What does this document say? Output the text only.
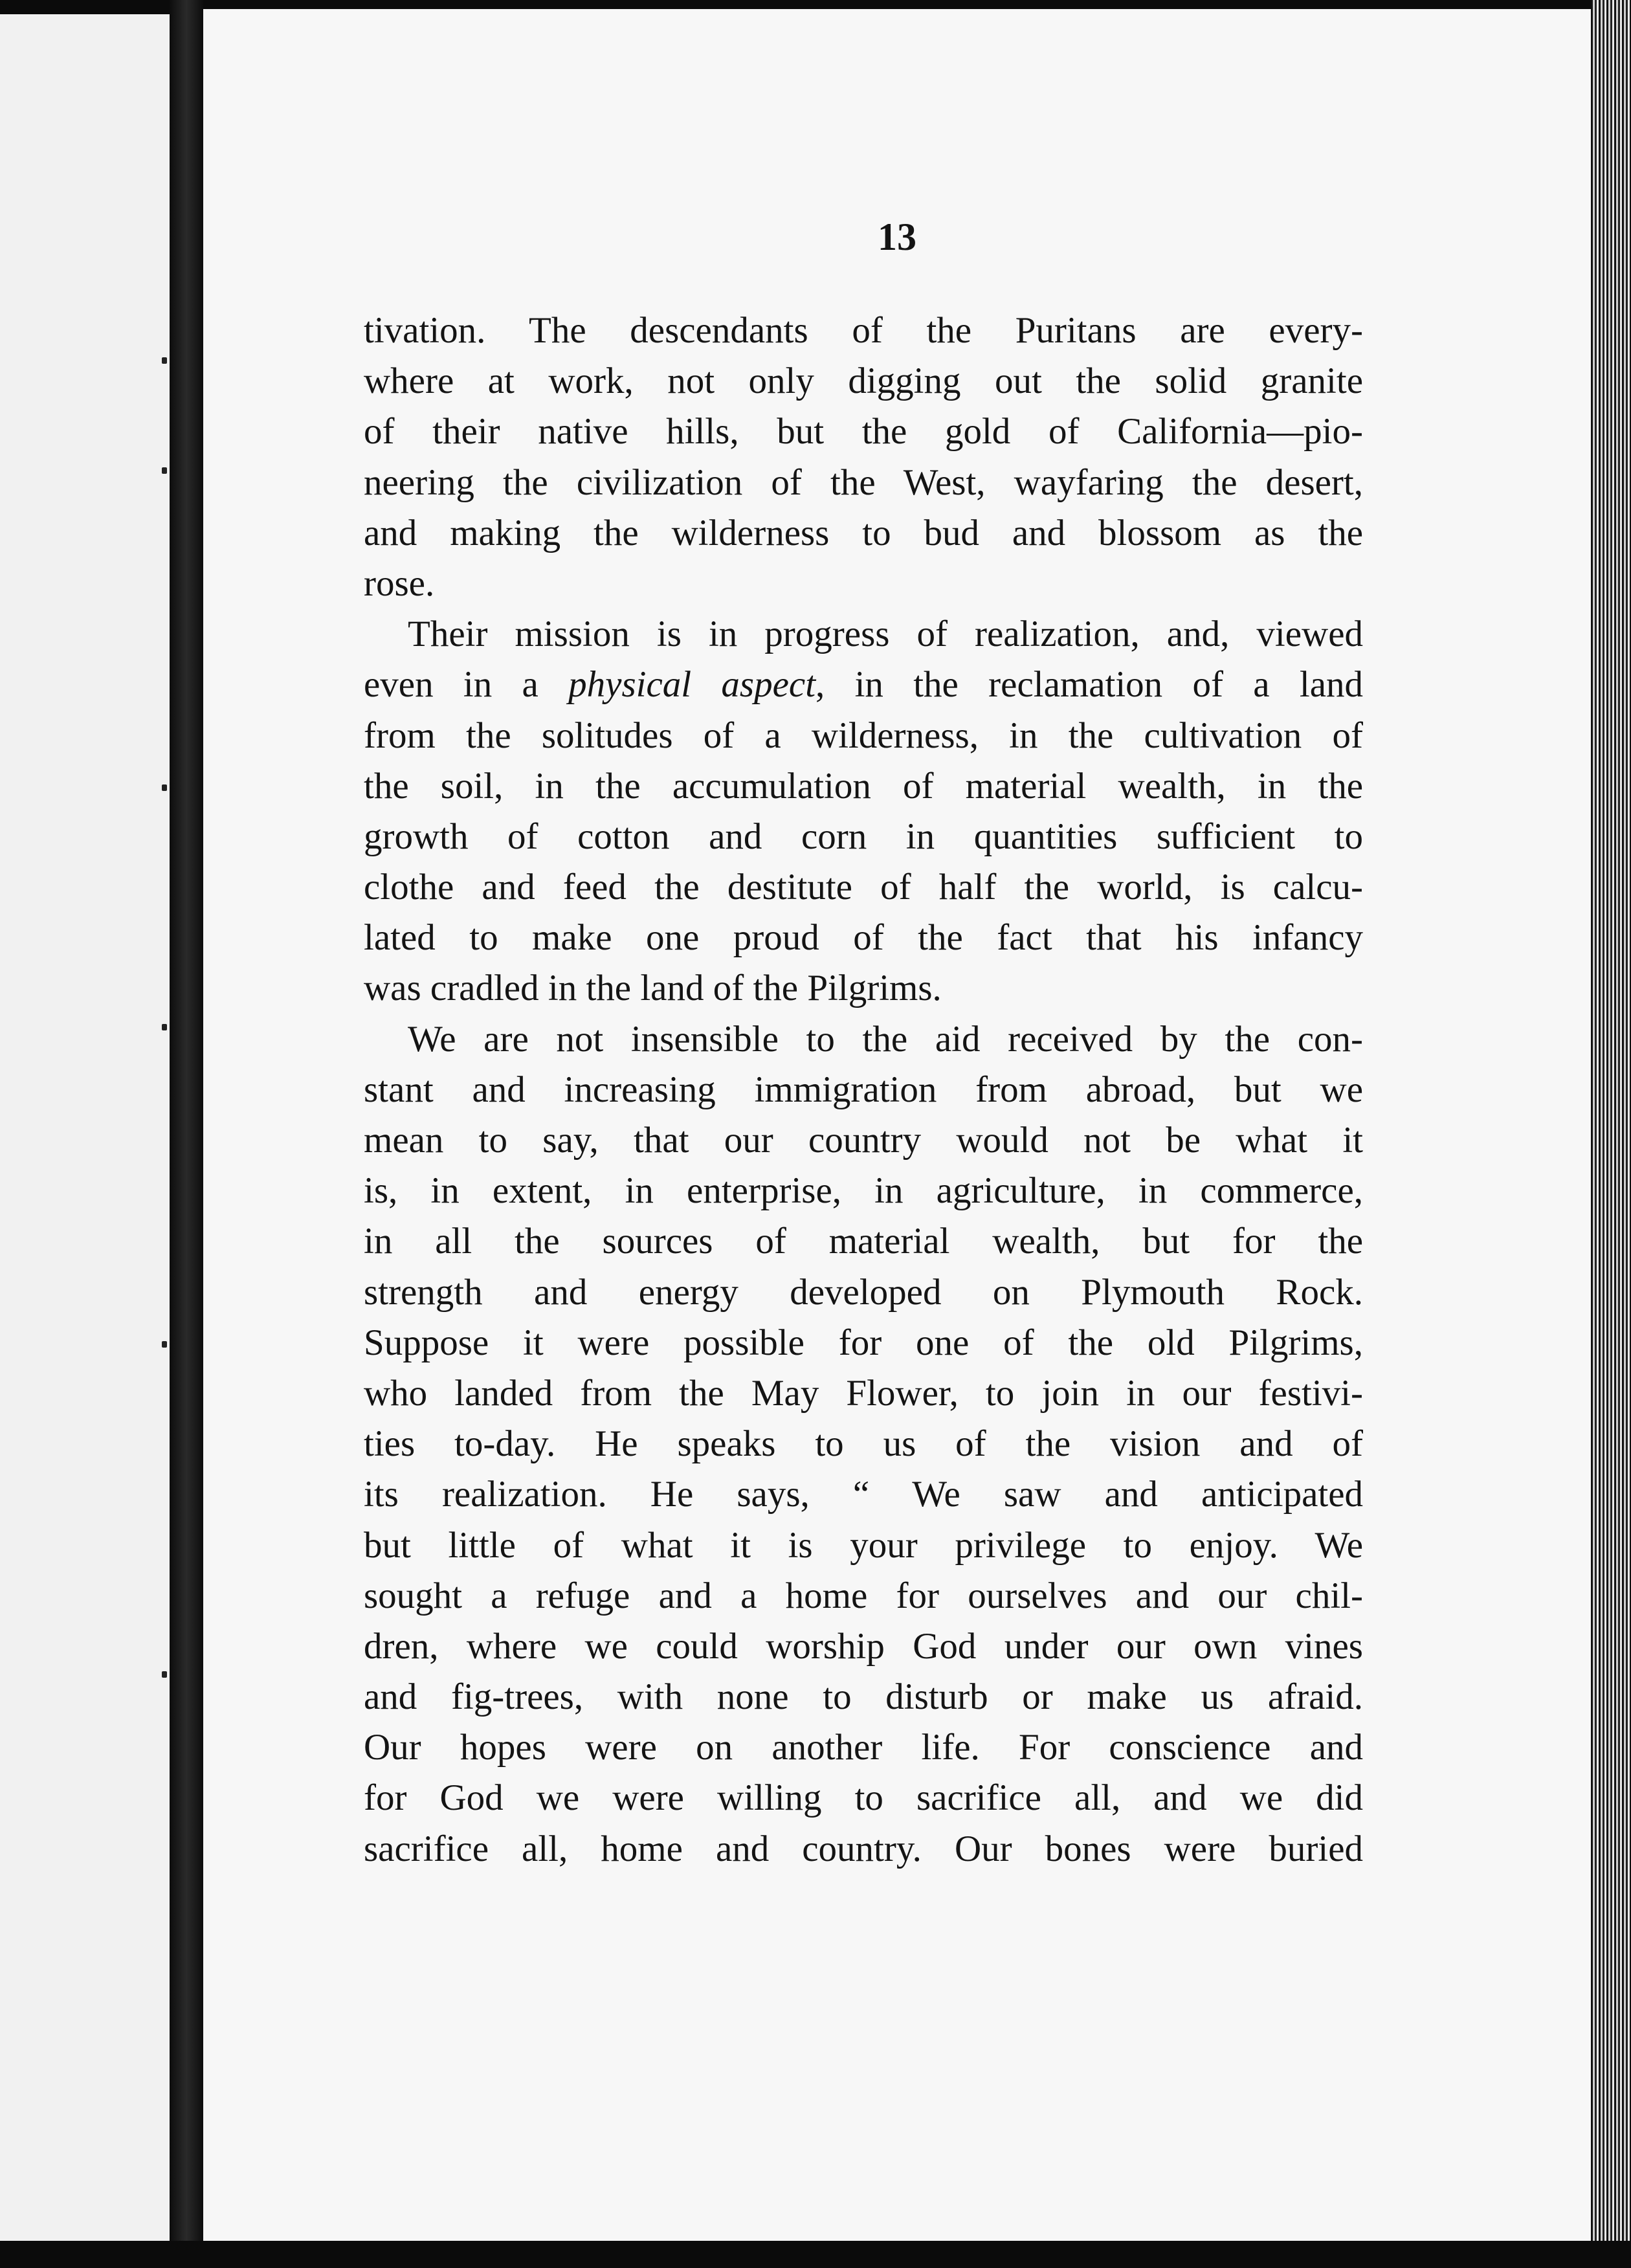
13
tivation. The descendants of the Puritans are every-
where at work, not only digging out the solid granite
of their native hills, but the gold of California—pio-
neering the civilization of the West, wayfaring the desert,
and making the wilderness to bud and blossom as the
rose.
Their mission is in progress of realization, and, viewed
even in a physical aspect, in the reclamation of a land
from the solitudes of a wilderness, in the cultivation of
the soil, in the accumulation of material wealth, in the
growth of cotton and corn in quantities sufficient to
clothe and feed the destitute of half the world, is calcu-
lated to make one proud of the fact that his infancy
was cradled in the land of the Pilgrims.
We are not insensible to the aid received by the con-
stant and increasing immigration from abroad, but we
mean to say, that our country would not be what it
is, in extent, in enterprise, in agriculture, in commerce,
in all the sources of material wealth, but for the
strength and energy developed on Plymouth Rock.
Suppose it were possible for one of the old Pilgrims,
who landed from the May Flower, to join in our festivi-
ties to-day. He speaks to us of the vision and of
its realization. He says, “ We saw and anticipated
but little of what it is your privilege to enjoy. We
sought a refuge and a home for ourselves and our chil-
dren, where we could worship God under our own vines
and fig-trees, with none to disturb or make us afraid.
Our hopes were on another life. For conscience and
for God we were willing to sacrifice all, and we did
sacrifice all, home and country. Our bones were buried
